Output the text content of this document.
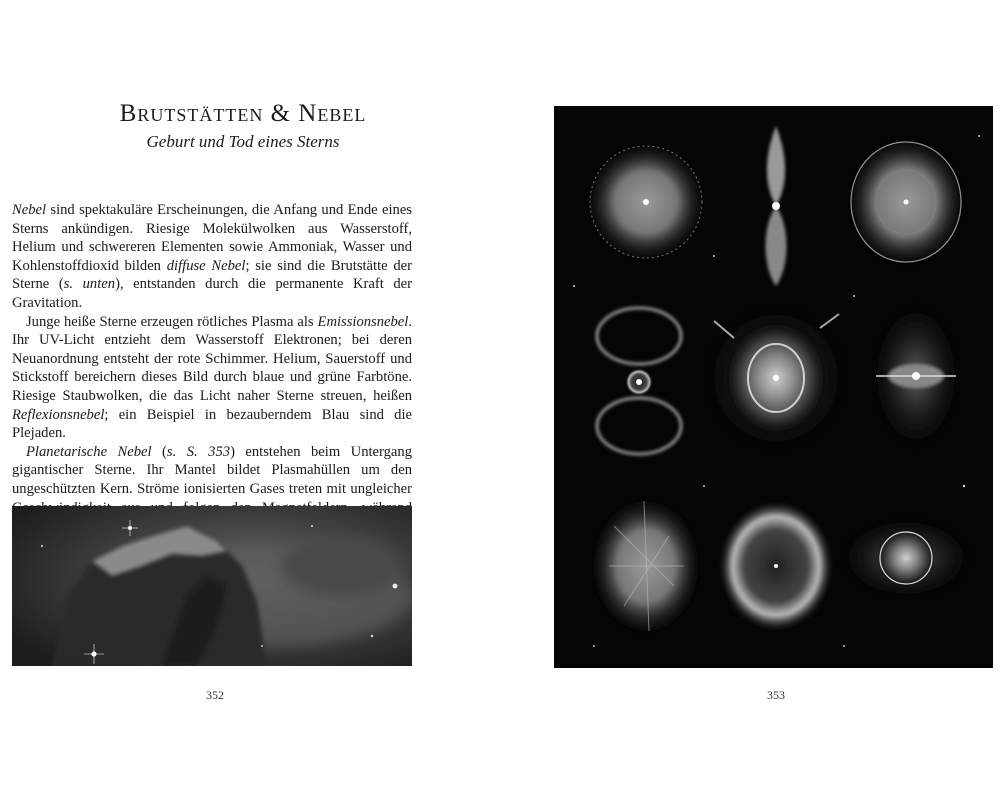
Brutstätten & Nebel
Geburt und Tod eines Sterns

Nebel sind spektakuläre Erscheinungen, die Anfang und Ende eines Sterns ankündigen. Riesige Molekülwolken aus Wasserstoff, Helium und schwereren Elementen sowie Ammoniak, Wasser und Kohlenstoffdioxid bilden diffuse Nebel; sie sind die Brutstätte der Sterne (s. unten), entstanden durch die permanente Kraft der Gravitation.

Junge heiße Sterne erzeugen rötliches Plasma als Emissionsnebel. Ihr UV-Licht entzieht dem Wasserstoff Elektronen; bei deren Neuanordnung entsteht der rote Schimmer. Helium, Sauerstoff und Stickstoff bereichern dieses Bild durch blaue und grüne Farbtöne. Riesige Staubwolken, die das Licht naher Sterne streuen, heißen Reflexionsnebel; ein Beispiel in bezauberndem Blau sind die Plejaden.

Planetarische Nebel (s. S. 353) entstehen beim Untergang gigantischer Sterne. Ihr Mantel bildet Plasmahüllen um den ungeschützten Kern. Ströme ionisierten Gases treten mit ungleicher

352	353
